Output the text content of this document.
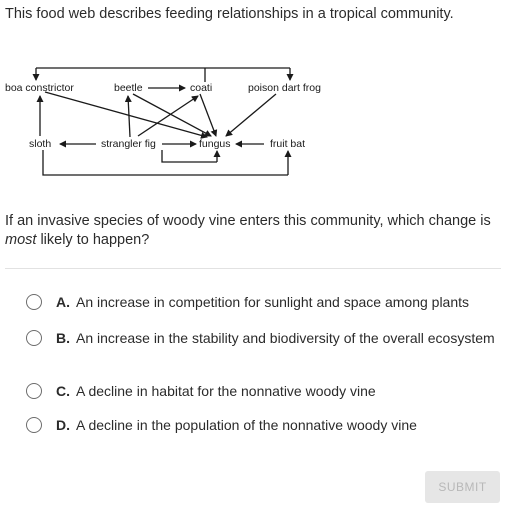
This food web describes feeding relationships in a tropical community.
boa constrictor	beetle	coati	poison dart frog
sloth	strangler fig	fungus	fruit bat
If an invasive species of woody vine enters this community, which change is most likely to happen?
A. An increase in competition for sunlight and space among plants
B. An increase in the stability and biodiversity of the overall ecosystem
C. A decline in habitat for the nonnative woody vine
D. A decline in the population of the nonnative woody vine
SUBMIT
